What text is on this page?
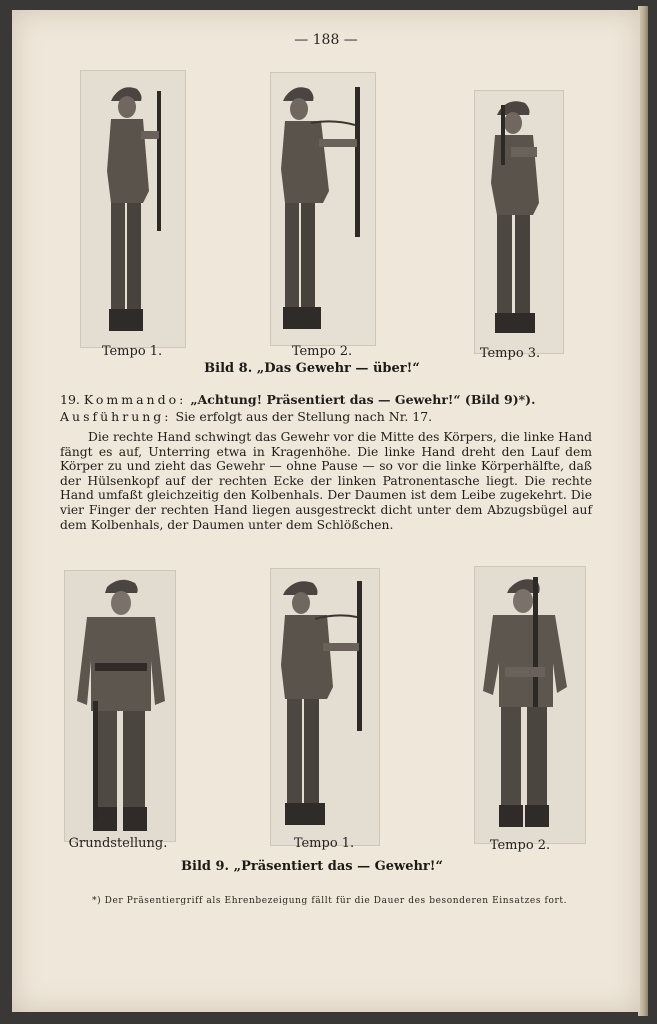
— 188 —
Tempo 1.	Tempo 2.	Tempo 3.
Bild 8. „Das Gewehr — über!“
19. Kommando: „Achtung! Präsentiert das — Gewehr!“ (Bild 9)*).
Ausführung: Sie erfolgt aus der Stellung nach Nr. 17.
Die rechte Hand schwingt das Gewehr vor die Mitte des Körpers, die linke Hand fängt es auf, Unterring etwa in Kragenhöhe. Die linke Hand dreht den Lauf dem Körper zu und zieht das Gewehr — ohne Pause — so vor die linke Körperhälfte, daß der Hülsenkopf auf der rechten Ecke der linken Patronentasche liegt. Die rechte Hand umfaßt gleichzeitig den Kolbenhals. Der Daumen ist dem Leibe zugekehrt. Die vier Finger der rechten Hand liegen ausgestreckt dicht unter dem Abzugsbügel auf dem Kolbenhals, der Daumen unter dem Schlößchen.
Grundstellung.	Tempo 1.	Tempo 2.
Bild 9. „Präsentiert das — Gewehr!“
*) Der Präsentiergriff als Ehrenbezeigung fällt für die Dauer des besonderen Einsatzes fort.
